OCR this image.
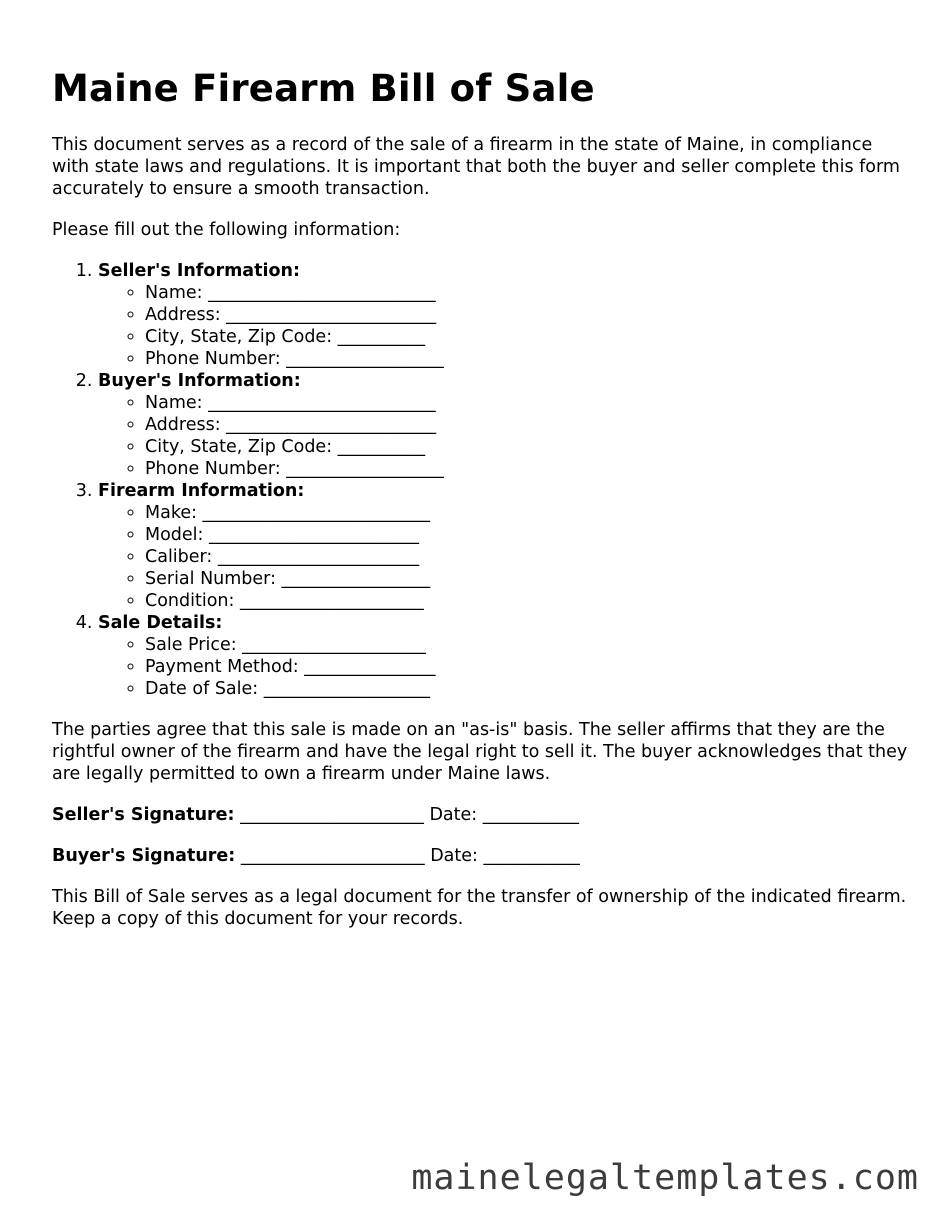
Maine Firearm Bill of Sale

This document serves as a record of the sale of a firearm in the state of Maine, in compliance with state laws and regulations. It is important that both the buyer and seller complete this form accurately to ensure a smooth transaction.

Please fill out the following information:

1. Seller's Information:
◦ Name: __________________________
◦ Address: ________________________
◦ City, State, Zip Code: __________
◦ Phone Number: __________________
2. Buyer's Information:
◦ Name: __________________________
◦ Address: ________________________
◦ City, State, Zip Code: __________
◦ Phone Number: __________________
3. Firearm Information:
◦ Make: __________________________
◦ Model: ________________________
◦ Caliber: _______________________
◦ Serial Number: _________________
◦ Condition: _____________________
4. Sale Details:
◦ Sale Price: _____________________
◦ Payment Method: _______________
◦ Date of Sale: ___________________

The parties agree that this sale is made on an "as-is" basis. The seller affirms that they are the rightful owner of the firearm and have the legal right to sell it. The buyer acknowledges that they are legally permitted to own a firearm under Maine laws.

Seller's Signature: _____________________ Date: ___________
Buyer's Signature: _____________________ Date: ___________

This Bill of Sale serves as a legal document for the transfer of ownership of the indicated firearm. Keep a copy of this document for your records.

mainelegaltemplates.com
